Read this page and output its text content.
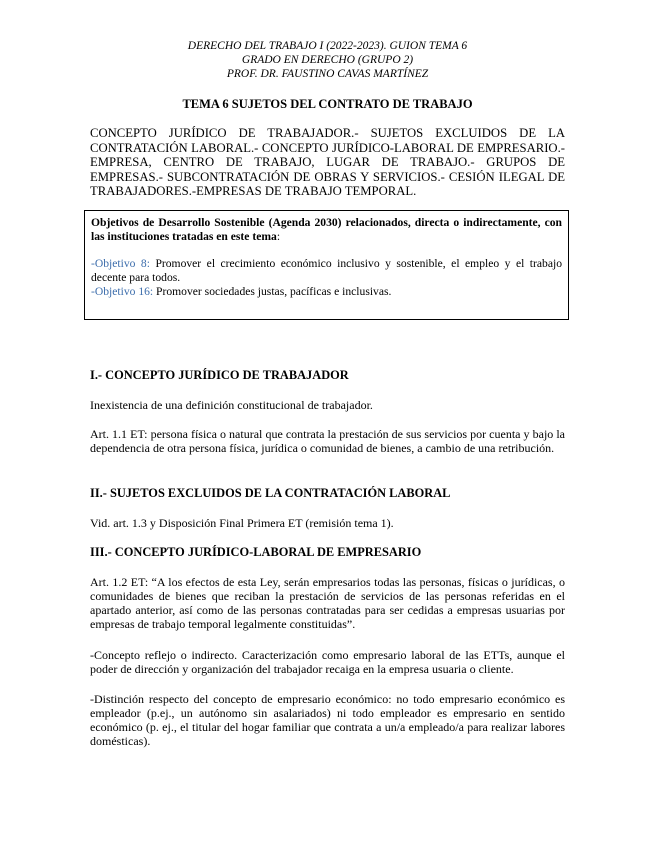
DERECHO DEL TRABAJO I (2022-2023). GUION TEMA 6
GRADO EN DERECHO (GRUPO 2)
PROF. DR. FAUSTINO CAVAS MARTÍNEZ
TEMA 6 SUJETOS DEL CONTRATO DE TRABAJO
CONCEPTO JURÍDICO DE TRABAJADOR.- SUJETOS EXCLUIDOS DE LA CONTRATACIÓN LABORAL.- CONCEPTO JURÍDICO-LABORAL DE EMPRESARIO.- EMPRESA, CENTRO DE TRABAJO, LUGAR DE TRABAJO.- GRUPOS DE EMPRESAS.- SUBCONTRATACIÓN DE OBRAS Y SERVICIOS.- CESIÓN ILEGAL DE TRABAJADORES.-EMPRESAS DE TRABAJO TEMPORAL.
Objetivos de Desarrollo Sostenible (Agenda 2030) relacionados, directa o indirectamente, con las instituciones tratadas en este tema:
-Objetivo 8: Promover el crecimiento económico inclusivo y sostenible, el empleo y el trabajo decente para todos.
-Objetivo 16: Promover sociedades justas, pacíficas e inclusivas.
I.- CONCEPTO JURÍDICO DE TRABAJADOR
Inexistencia de una definición constitucional de trabajador.
Art. 1.1 ET: persona física o natural que contrata la prestación de sus servicios por cuenta y bajo la dependencia de otra persona física, jurídica o comunidad de bienes, a cambio de una retribución.
II.- SUJETOS EXCLUIDOS DE LA CONTRATACIÓN LABORAL
Vid. art. 1.3 y Disposición Final Primera ET (remisión tema 1).
III.- CONCEPTO JURÍDICO-LABORAL DE EMPRESARIO
Art. 1.2 ET: “A los efectos de esta Ley, serán empresarios todas las personas, físicas o jurídicas, o comunidades de bienes que reciban la prestación de servicios de las personas referidas en el apartado anterior, así como de las personas contratadas para ser cedidas a empresas usuarias por empresas de trabajo temporal legalmente constituidas”.
-Concepto reflejo o indirecto. Caracterización como empresario laboral de las ETTs, aunque el poder de dirección y organización del trabajador recaiga en la empresa usuaria o cliente.
-Distinción respecto del concepto de empresario económico: no todo empresario económico es empleador (p.ej., un autónomo sin asalariados) ni todo empleador es empresario en sentido económico (p. ej., el titular del hogar familiar que contrata a un/a empleado/a para realizar labores domésticas).
